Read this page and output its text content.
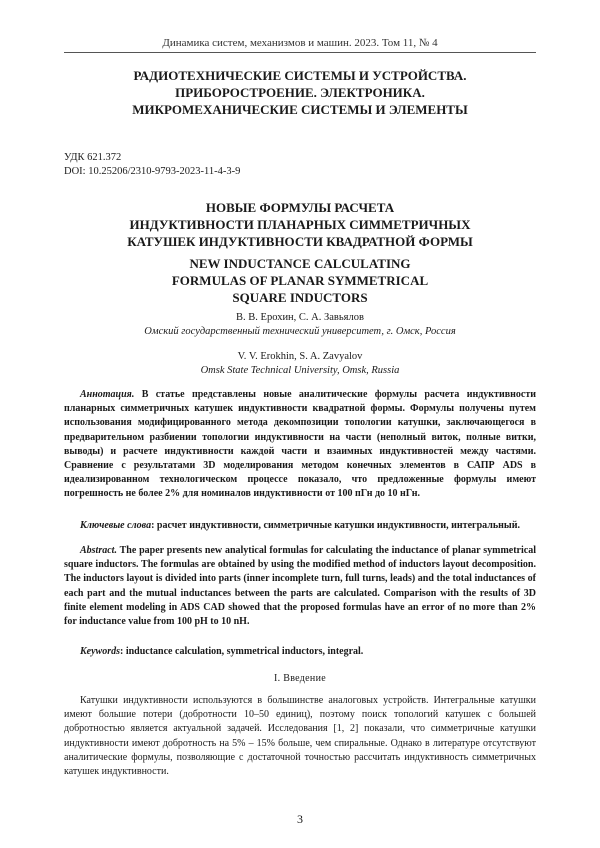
Динамика систем, механизмов и машин. 2023. Том 11, № 4
РАДИОТЕХНИЧЕСКИЕ СИСТЕМЫ И УСТРОЙСТВА.
ПРИБОРОСТРОЕНИЕ. ЭЛЕКТРОНИКА.
МИКРОМЕХАНИЧЕСКИЕ СИСТЕМЫ И ЭЛЕМЕНТЫ
УДК 621.372
DOI: 10.25206/2310-9793-2023-11-4-3-9
НОВЫЕ ФОРМУЛЫ РАСЧЕТА
ИНДУКТИВНОСТИ ПЛАНАРНЫХ СИММЕТРИЧНЫХ
КАТУШЕК ИНДУКТИВНОСТИ КВАДРАТНОЙ ФОРМЫ
NEW INDUCTANCE CALCULATING
FORMULAS OF PLANAR SYMMETRICAL
SQUARE INDUCTORS
В. В. Ерохин, С. А. Завьялов
Омский государственный технический университет, г. Омск, Россия
V. V. Erokhin, S. A. Zavyalov
Omsk State Technical University, Omsk, Russia
Аннотация. В статье представлены новые аналитические формулы расчета индуктивности планарных симметричных катушек индуктивности квадратной формы. Формулы получены путем использования модифицированного метода декомпозиции топологии катушки, заключающегося в предварительном разбиении топологии индуктивности на части (неполный виток, полные витки, выводы) и расчете индуктивности каждой части и взаимных индуктивностей между частями. Сравнение с результатами 3D моделирования методом конечных элементов в САПР ADS в идеализированном технологическом процессе показало, что предложенные формулы имеют погрешность не более 2% для номиналов индуктивности от 100 пГн до 10 нГн.
Ключевые слова: расчет индуктивности, симметричные катушки индуктивности, интегральный.
Abstract. The paper presents new analytical formulas for calculating the inductance of planar symmetrical square inductors. The formulas are obtained by using the modified method of inductors layout decomposition. The inductors layout is divided into parts (inner incomplete turn, full turns, leads) and the total inductances of each part and the mutual inductances between the parts are calculated. Comparison with the results of 3D finite element modeling in ADS CAD showed that the proposed formulas have an error of no more than 2% for inductance value from 100 pH to 10 nH.
Keywords: inductance calculation, symmetrical inductors, integral.
I. Введение
Катушки индуктивности используются в большинстве аналоговых устройств. Интегральные катушки имеют большие потери (добротности 10–50 единиц), поэтому поиск топологий катушек с большей добротностью является актуальной задачей. Исследования [1, 2] показали, что симметричные катушки индуктивности имеют добротность на 5% – 15% больше, чем спиральные. Однако в литературе отсутствуют аналитические формулы, позволяющие с достаточной точностью рассчитать индуктивность симметричных катушек индуктивности.
3
